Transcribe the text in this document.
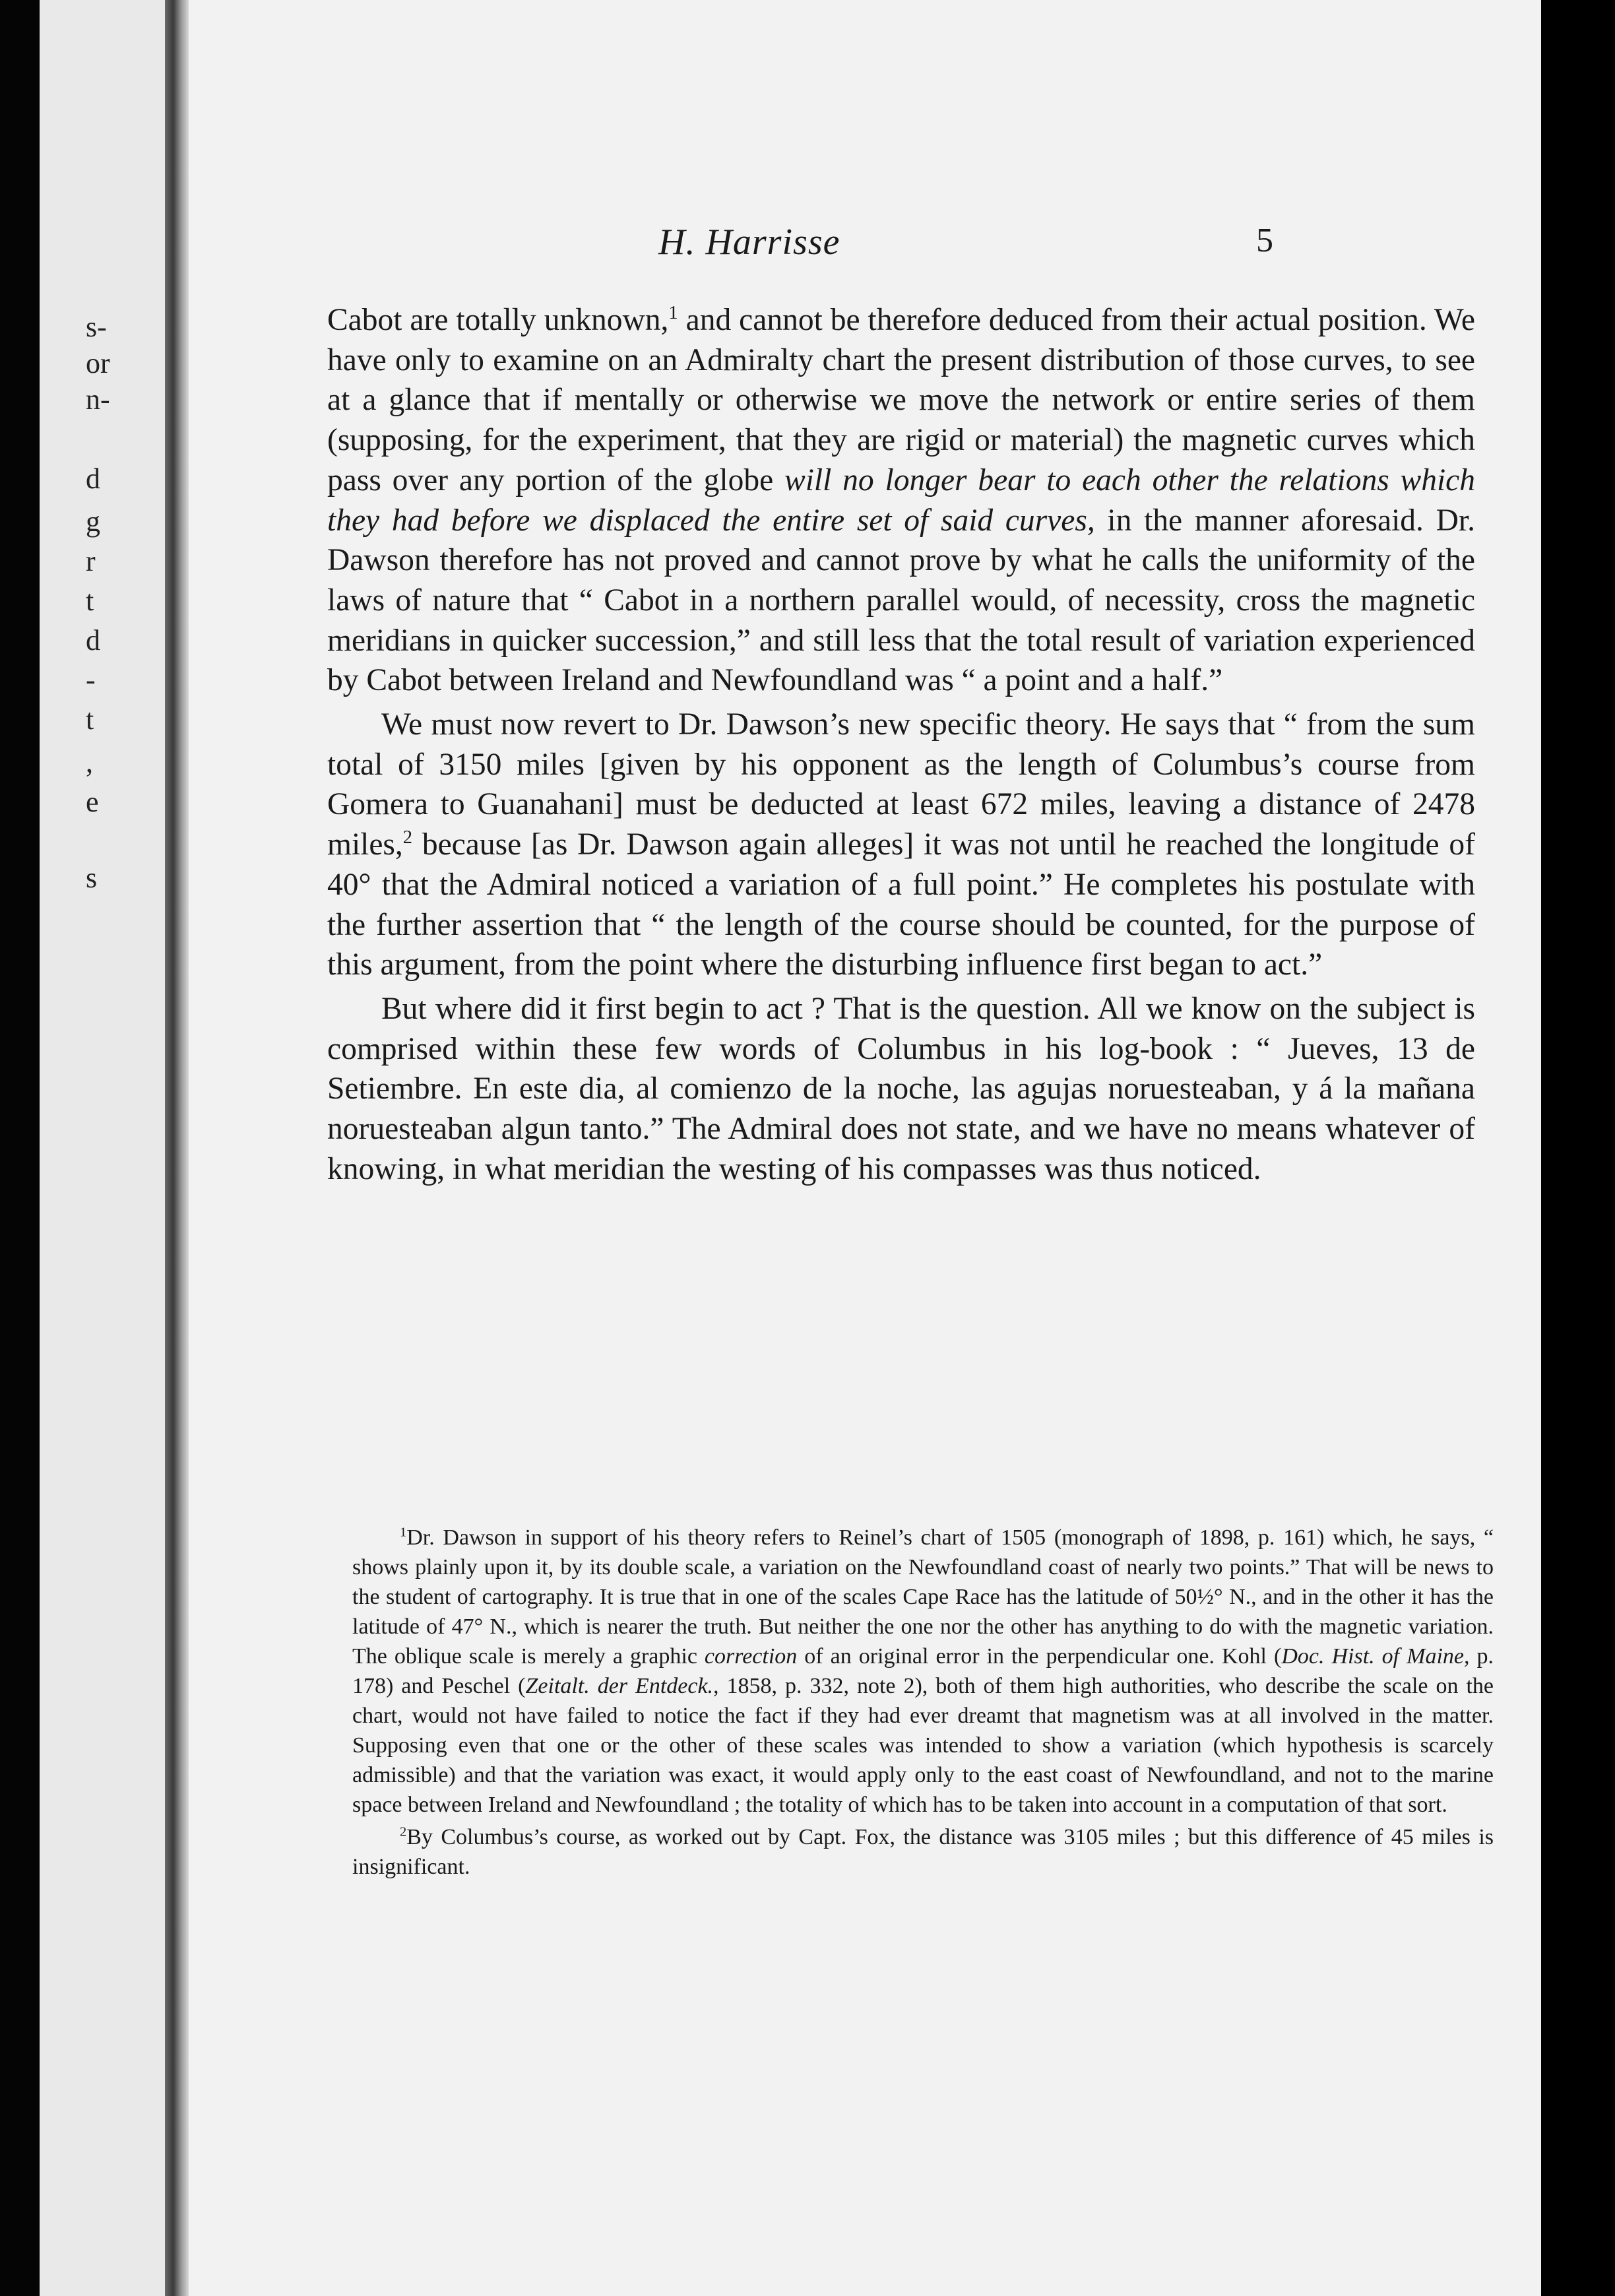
s-
or
n-
d
g
r
t
d
-
t
,
e
s
H. Harrisse	5

Cabot are totally unknown,$^1$ and cannot be therefore deduced from their actual position. We have only to examine on an Admiralty chart the present distribution of those curves, to see at a glance that if mentally or otherwise we move the network or entire series of them (supposing, for the experiment, that they are rigid or material) the magnetic curves which pass over any portion of the globe will no longer bear to each other the relations which they had before we displaced the entire set of said curves, in the manner aforesaid. Dr. Dawson therefore has not proved and cannot prove by what he calls the uniformity of the laws of nature that “ Cabot in a northern parallel would, of necessity, cross the magnetic meridians in quicker succession,” and still less that the total result of variation experienced by Cabot between Ireland and Newfoundland was “ a point and a half.”

We must now revert to Dr. Dawson’s new specific theory. He says that “ from the sum total of 3150 miles [given by his opponent as the length of Columbus’s course from Gomera to Guanahani] must be deducted at least 672 miles, leaving a distance of 2478 miles,$^2$ because [as Dr. Dawson again alleges] it was not until he reached the longitude of 40° that the Admiral noticed a variation of a full point.” He completes his postulate with the further assertion that “ the length of the course should be counted, for the purpose of this argument, from the point where the disturbing influence first began to act.”

But where did it first begin to act ? That is the question. All we know on the subject is comprised within these few words of Columbus in his log-book : “ Jueves, 13 de Setiembre. En este dia, al comienzo de la noche, las agujas noruesteaban, y á la mañana noruesteaban algun tanto.” The Admiral does not state, and we have no means whatever of knowing, in what meridian the westing of his compasses was thus noticed.

$^1$Dr. Dawson in support of his theory refers to Reinel’s chart of 1505 (monograph of 1898, p. 161) which, he says, “ shows plainly upon it, by its double scale, a variation on the Newfoundland coast of nearly two points.” That will be news to the student of cartography. It is true that in one of the scales Cape Race has the latitude of 50½° N., and in the other it has the latitude of 47° N., which is nearer the truth. But neither the one nor the other has anything to do with the magnetic variation. The oblique scale is merely a graphic correction of an original error in the perpendicular one. Kohl (Doc. Hist. of Maine, p. 178) and Peschel (Zeitalt. der Entdeck., 1858, p. 332, note 2), both of them high authorities, who describe the scale on the chart, would not have failed to notice the fact if they had ever dreamt that magnetism was at all involved in the matter. Supposing even that one or the other of these scales was intended to show a variation (which hypothesis is scarcely admissible) and that the variation was exact, it would apply only to the east coast of Newfoundland, and not to the marine space between Ireland and Newfoundland ; the totality of which has to be taken into account in a computation of that sort.

$^2$By Columbus’s course, as worked out by Capt. Fox, the distance was 3105 miles ; but this difference of 45 miles is insignificant.
